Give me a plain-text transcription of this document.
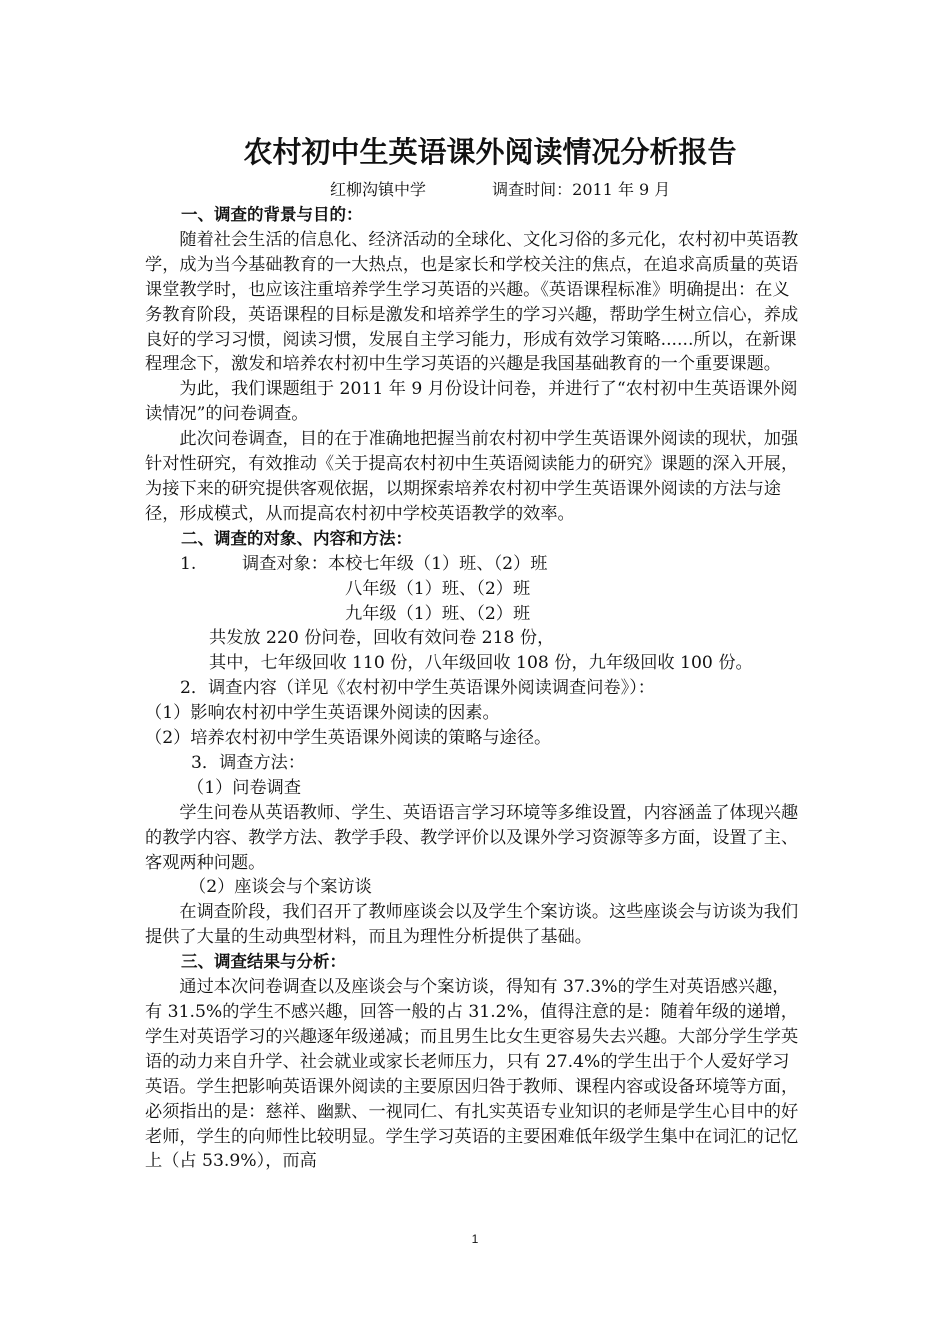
农村初中生英语课外阅读情况分析报告
红柳沟镇中学	调查时间：2011 年 9 月

一、调查的背景与目的：

随着社会生活的信息化、经济活动的全球化、文化习俗的多元化，农村初中英语教学，成为当今基础教育的一大热点，也是家长和学校关注的焦点，在追求高质量的英语课堂教学时，也应该注重培养学生学习英语的兴趣。《英语课程标准》明确提出：在义务教育阶段，英语课程的目标是激发和培养学生的学习兴趣，帮助学生树立信心，养成良好的学习习惯，阅读习惯，发展自主学习能力，形成有效学习策略......所以，在新课程理念下，激发和培养农村初中生学习英语的兴趣是我国基础教育的一个重要课题。

为此，我们课题组于 2011 年 9 月份设计问卷，并进行了“农村初中生英语课外阅读情况”的问卷调查。

此次问卷调查，目的在于准确地把握当前农村初中学生英语课外阅读的现状，加强针对性研究，有效推动《关于提高农村初中生英语阅读能力的研究》课题的深入开展，为接下来的研究提供客观依据，以期探索培养农村初中学生英语课外阅读的方法与途径，形成模式，从而提高农村初中学校英语教学的效率。

二、调查的对象、内容和方法：

1.	调查对象：本校七年级（1）班、（2）班

八年级（1）班、（2）班

九年级（1）班、（2）班

共发放 220 份问卷，回收有效问卷 218 份，

其中，七年级回收 110 份，八年级回收 108 份，九年级回收 100 份。

2．调查内容（详见《农村初中学生英语课外阅读调查问卷》）：

（1）影响农村初中学生英语课外阅读的因素。

（2）培养农村初中学生英语课外阅读的策略与途径。

3．调查方法：

（1）问卷调查

学生问卷从英语教师、学生、英语语言学习环境等多维设置，内容涵盖了体现兴趣的教学内容、教学方法、教学手段、教学评价以及课外学习资源等多方面，设置了主、客观两种问题。

（2）座谈会与个案访谈

在调查阶段，我们召开了教师座谈会以及学生个案访谈。这些座谈会与访谈为我们提供了大量的生动典型材料，而且为理性分析提供了基础。

三、调查结果与分析：

通过本次问卷调查以及座谈会与个案访谈，得知有 37.3%的学生对英语感兴趣，有 31.5%的学生不感兴趣，回答一般的占 31.2%，值得注意的是：随着年级的递增，学生对英语学习的兴趣逐年级递减；而且男生比女生更容易失去兴趣。大部分学生学英语的动力来自升学、社会就业或家长老师压力，只有 27.4%的学生出于个人爱好学习英语。学生把影响英语课外阅读的主要原因归咎于教师、课程内容或设备环境等方面，必须指出的是：慈祥、幽默、一视同仁、有扎实英语专业知识的老师是学生心目中的好老师，学生的向师性比较明显。学生学习英语的主要困难低年级学生集中在词汇的记忆上（占 53.9%），而高

1
